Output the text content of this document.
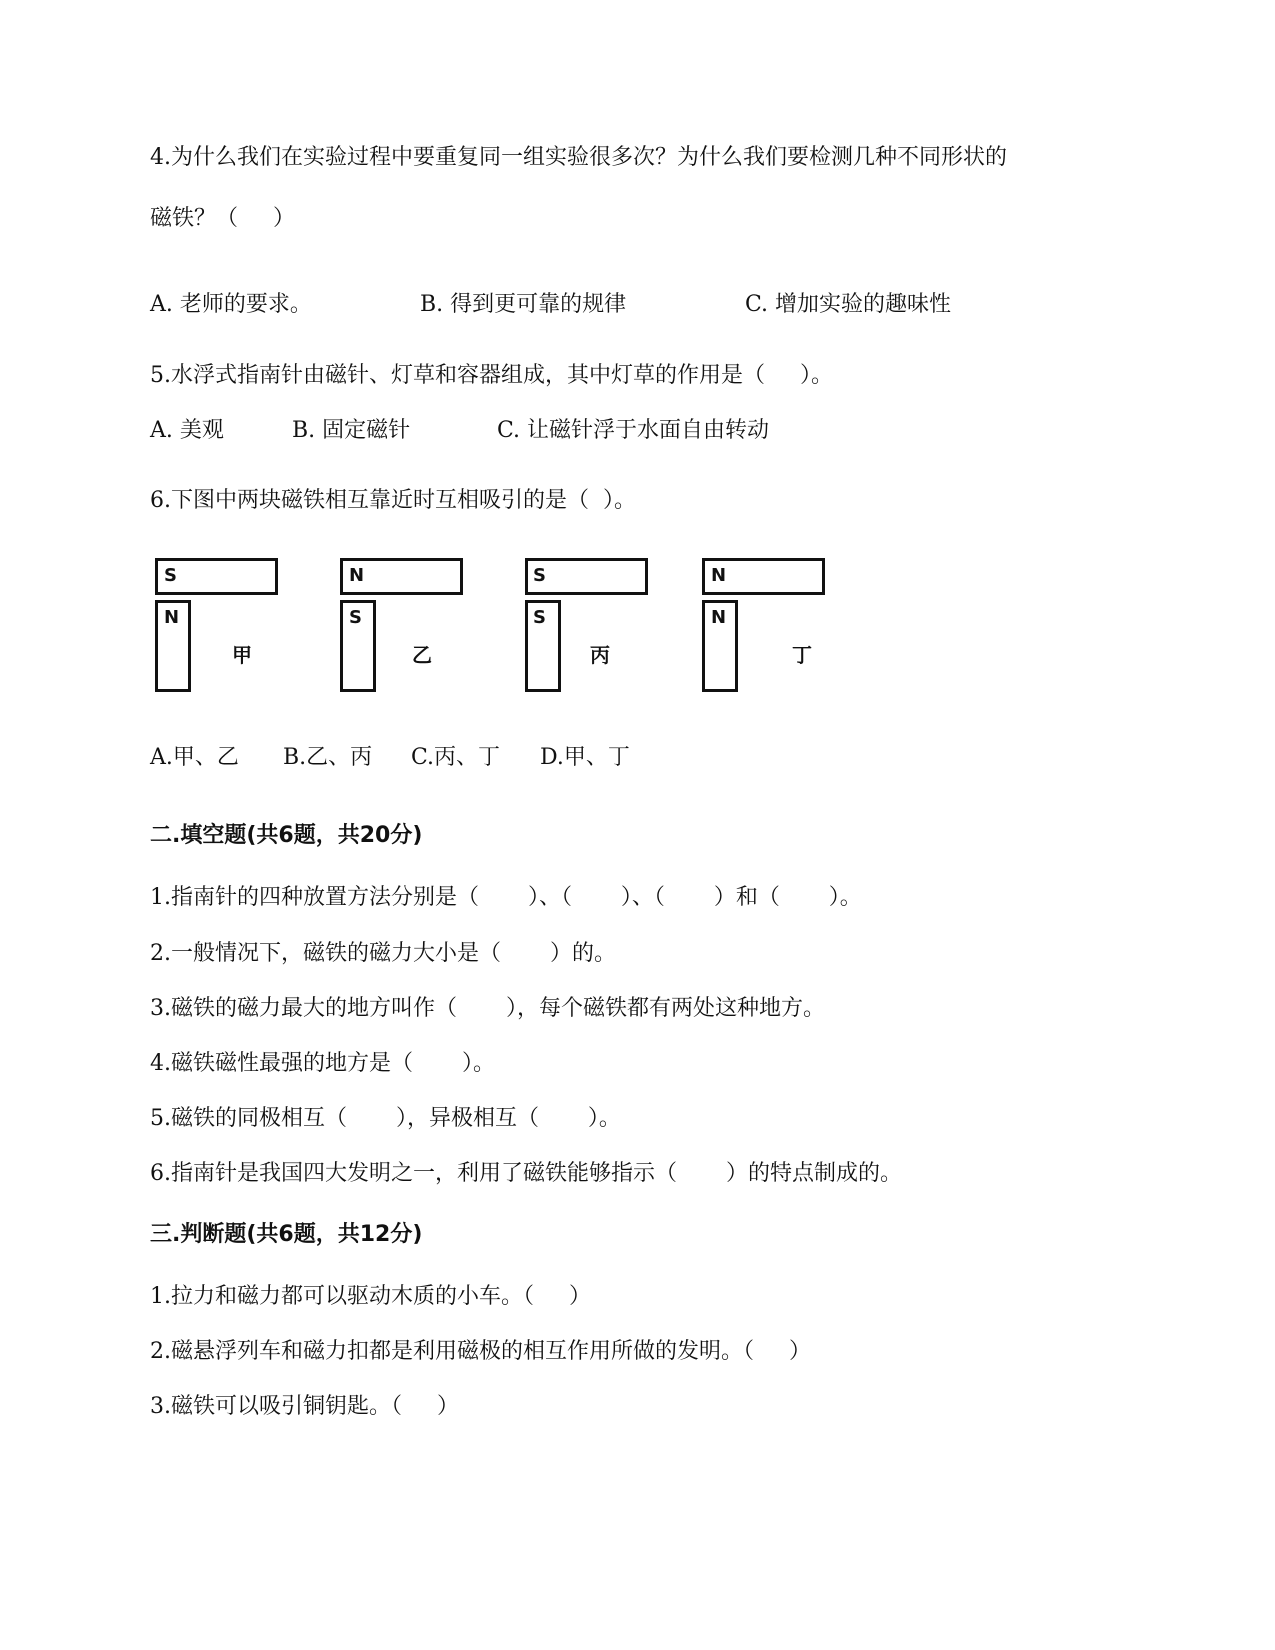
4.为什么我们在实验过程中要重复同一组实验很多次？为什么我们要检测几种不同形状的
磁铁？（     ）
A. 老师的要求。	B. 得到更可靠的规律	C. 增加实验的趣味性
5.水浮式指南针由磁针、灯草和容器组成，其中灯草的作用是（     ）。
A. 美观	B. 固定磁针	C. 让磁针浮于水面自由转动
6.下图中两块磁铁相互靠近时互相吸引的是（  ）。
S
N
甲
N
S
乙
S
S
丙
N
N
丁
A.甲、乙 B.乙、丙 C.丙、丁 D.甲、丁
二.填空题(共6题，共20分)
1.指南针的四种放置方法分别是（       ）、（       ）、（       ）和（       ）。
2.一般情况下，磁铁的磁力大小是（       ）的。
3.磁铁的磁力最大的地方叫作（       ），每个磁铁都有两处这种地方。
4.磁铁磁性最强的地方是（       ）。
5.磁铁的同极相互（       ），异极相互（       ）。
6.指南针是我国四大发明之一，利用了磁铁能够指示（       ）的特点制成的。
三.判断题(共6题，共12分)
1.拉力和磁力都可以驱动木质的小车。（     ）
2.磁悬浮列车和磁力扣都是利用磁极的相互作用所做的发明。（     ）
3.磁铁可以吸引铜钥匙。（     ）
